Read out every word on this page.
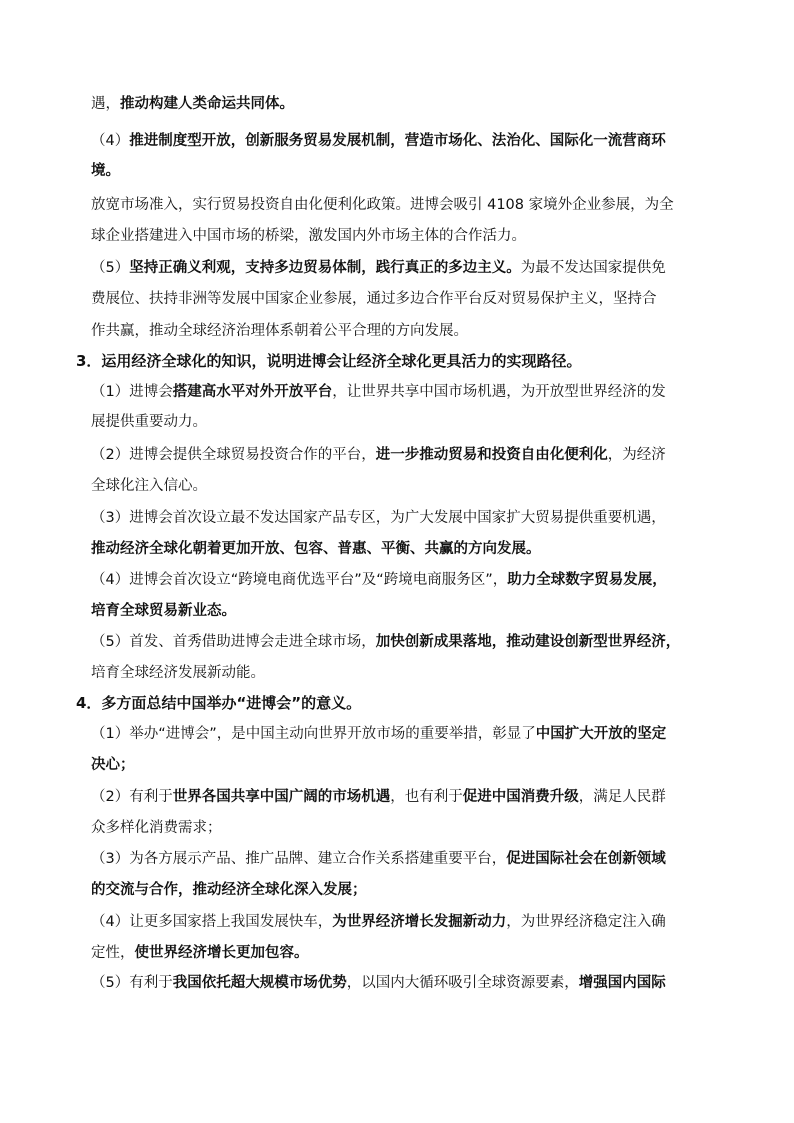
遇，推动构建人类命运共同体。
（4）推进制度型开放，创新服务贸易发展机制，营造市场化、法治化、国际化一流营商环
境。
放宽市场准入，实行贸易投资自由化便利化政策。进博会吸引 4108 家境外企业参展，为全
球企业搭建进入中国市场的桥梁，激发国内外市场主体的合作活力。
（5）坚持正确义利观，支持多边贸易体制，践行真正的多边主义。为最不发达国家提供免
费展位、扶持非洲等发展中国家企业参展，通过多边合作平台反对贸易保护主义，坚持合
作共赢，推动全球经济治理体系朝着公平合理的方向发展。
3．运用经济全球化的知识，说明进博会让经济全球化更具活力的实现路径。
（1）进博会搭建高水平对外开放平台，让世界共享中国市场机遇，为开放型世界经济的发
展提供重要动力。
（2）进博会提供全球贸易投资合作的平台，进一步推动贸易和投资自由化便利化，为经济
全球化注入信心。
（3）进博会首次设立最不发达国家产品专区，为广大发展中国家扩大贸易提供重要机遇，
推动经济全球化朝着更加开放、包容、普惠、平衡、共赢的方向发展。
（4）进博会首次设立“跨境电商优选平台”及“跨境电商服务区”，助力全球数字贸易发展，
培育全球贸易新业态。
（5）首发、首秀借助进博会走进全球市场，加快创新成果落地，推动建设创新型世界经济，
培育全球经济发展新动能。
4．多方面总结中国举办“进博会”的意义。
（1）举办“进博会”，是中国主动向世界开放市场的重要举措，彰显了中国扩大开放的坚定
决心；
（2）有利于世界各国共享中国广阔的市场机遇，也有利于促进中国消费升级，满足人民群
众多样化消费需求；
（3）为各方展示产品、推广品牌、建立合作关系搭建重要平台，促进国际社会在创新领域
的交流与合作，推动经济全球化深入发展；
（4）让更多国家搭上我国发展快车，为世界经济增长发掘新动力，为世界经济稳定注入确
定性，使世界经济增长更加包容。
（5）有利于我国依托超大规模市场优势，以国内大循环吸引全球资源要素，增强国内国际
